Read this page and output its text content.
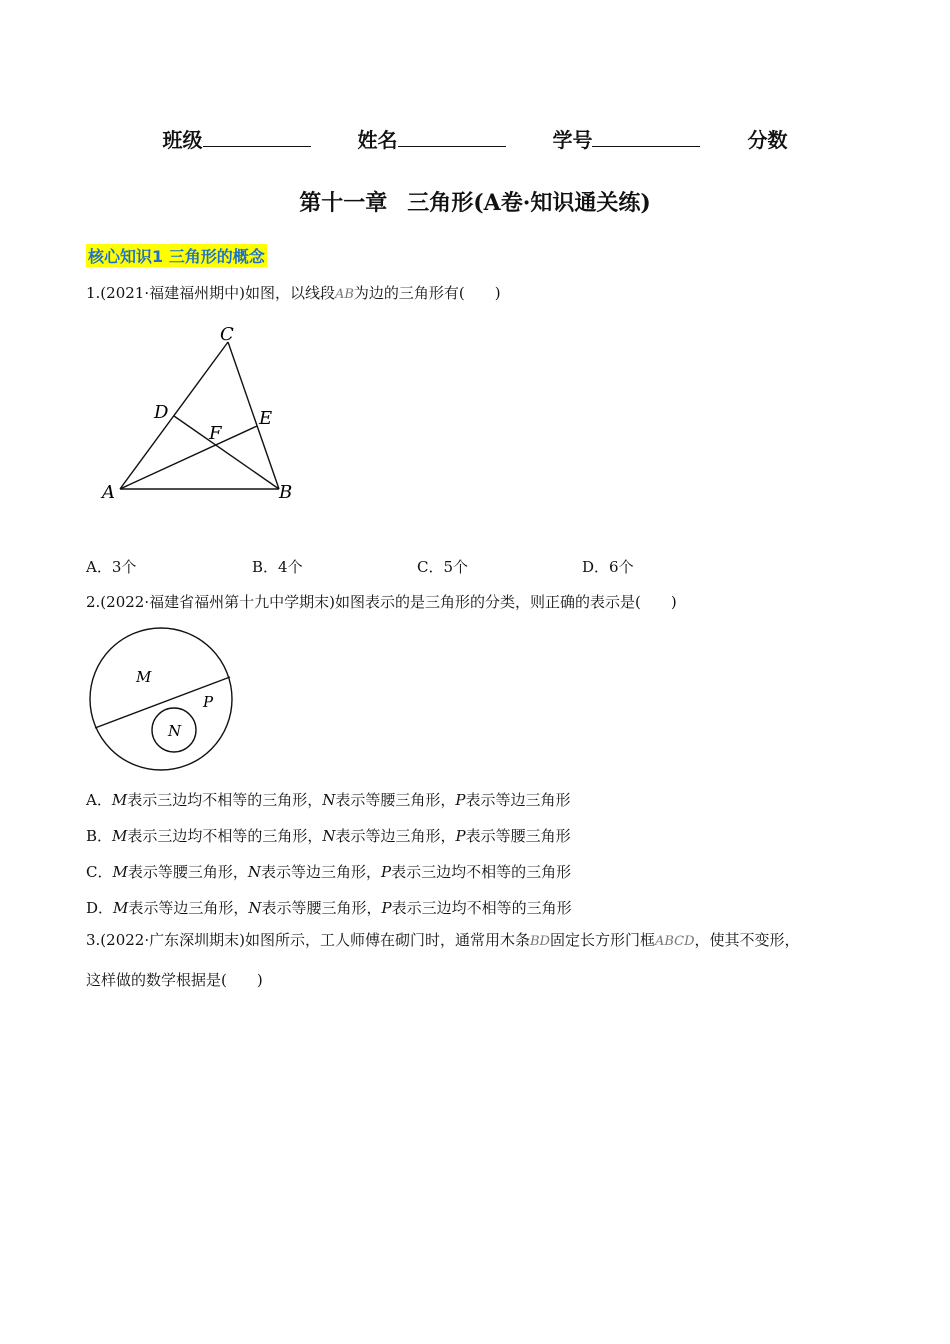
班级	姓名	学号	分数
第十一章 三角形(A卷·知识通关练)
核心知识1 三角形的概念
1.(2021·福建福州期中)如图，以线段AB为边的三角形有(　　)
C
D	E
F
A	B
A．3个	B．4个	C．5个	D．6个
2.(2022·福建省福州第十九中学期末)如图表示的是三角形的分类，则正确的表示是(　　)
M
P
N
A．M表示三边均不相等的三角形，N表示等腰三角形，P表示等边三角形
B．M表示三边均不相等的三角形，N表示等边三角形，P表示等腰三角形
C．M表示等腰三角形，N表示等边三角形，P表示三边均不相等的三角形
D．M表示等边三角形，N表示等腰三角形，P表示三边均不相等的三角形
3.(2022·广东深圳期末)如图所示，工人师傅在砌门时，通常用木条BD固定长方形门框ABCD，使其不变形，
这样做的数学根据是(　　)
